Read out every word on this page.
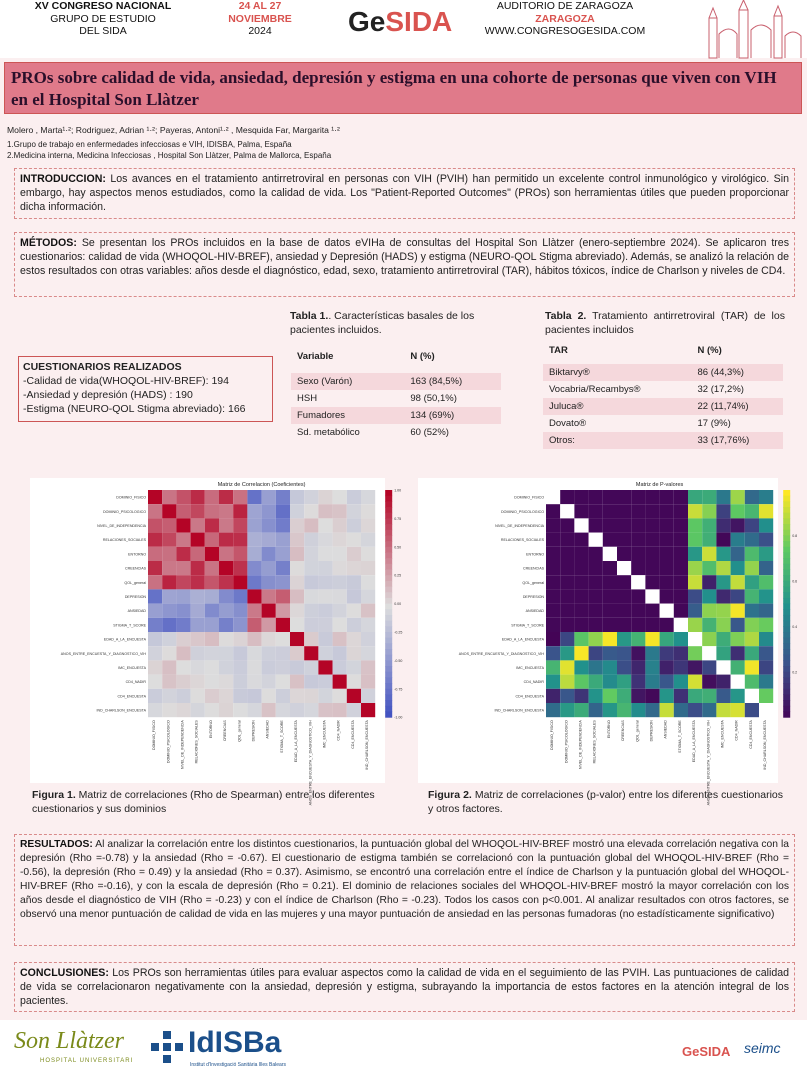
XV CONGRESO NACIONAL
GRUPO DE ESTUDIO
DEL SIDA
24 AL 27
NOVIEMBRE
2024	GeSIDA	AUDITORIO DE ZARAGOZA
ZARAGOZA
WWW.CONGRESOGESIDA.COM
PROs sobre calidad de vida, ansiedad, depresión y estigma en una cohorte de personas que viven con VIH en el Hospital Son Llàtzer
Molero , Marta¹·²; Rodriguez, Adrian ¹·²; Payeras, Antoni¹·² , Mesquida Far, Margarita ¹·²
1.Grupo de trabajo en enfermedades infecciosas e VIH, IDISBA, Palma, España
2.Medicina interna, Medicina Infecciosas , Hospital Son Llàtzer, Palma de Mallorca, España
INTRODUCCION: Los avances en el tratamiento antirretroviral en personas con VIH (PVIH) han permitido un excelente control inmunológico y virológico. Sin embargo, hay aspectos menos estudiados, como la calidad de vida. Los "Patient-Reported Outcomes" (PROs) son herramientas útiles que pueden proporcionar dicha información.
MÉTODOS: Se presentan los PROs incluidos en la base de datos eVIHa de consultas del Hospital Son Llàtzer (enero-septiembre 2024). Se aplicaron tres cuestionarios: calidad de vida (WHOQOL-HIV-BREF), ansiedad y Depresión (HADS) y estigma (NEURO-QOL Stigma abreviado). Además, se analizó la relación de estos resultados con otras variables: años desde el diagnóstico, edad, sexo, tratamiento antirretroviral (TAR), hábitos tóxicos, índice de Charlson y niveles de CD4.
CUESTIONARIOS REALIZADOS
-Calidad de vida(WHOQOL-HIV-BREF): 194
-Ansiedad y depresión (HADS) : 190
-Estigma (NEURO-QOL Stigma abreviado): 166
Tabla 1.. Características basales de los pacientes incluidos.
Variable	N (%)

Sexo (Varón)	163 (84,5%)
HSH	98 (50,1%)
Fumadores	134 (69%)
Sd. metabólico	60 (52%)
Tabla 2. Tratamiento antirretroviral (TAR) de los pacientes incluidos
TAR	N (%)

Biktarvy®	86 (44,3%)
Vocabria/Recambys®	32 (17,2%)
Juluca®	22 (11,74%)
Dovato®	17 (9%)
Otros:	33 (17,76%)
Matriz de Correlacion (Coeficientes)
DOMINIO_FISICO
DOMINIO_FISICO
DOMINIO_PSICOLOGICO
DOMINIO_PSICOLOGICO
NIVEL_DE_INDEPENDENCIA
NIVEL_DE_INDEPENDENCIA
RELACIONES_SOCIALES
RELACIONES_SOCIALES
ENTORNO
ENTORNO
CREENCIAS
CREENCIAS
QOL_general
QOL_general
DEPRESION
DEPRESION
ANSIEDAD
ANSIEDAD
STIGMA_T_SCORE
STIGMA_T_SCORE
EDAD_A_LA_ENCUESTA
EDAD_A_LA_ENCUESTA
ANOS_ENTRE_ENCUESTA_Y_DIAGNOSTICO_VIH
ANOS_ENTRE_ENCUESTA_Y_DIAGNOSTICO_VIH
IMC_ENCUESTA
IMC_ENCUESTA
CD4_NADIR
CD4_NADIR
CD4_ENCUESTA
CD4_ENCUESTA
IND_CHARLSON_ENCUESTA
IND_CHARLSON_ENCUESTA
1.00
0.75
0.50
0.25
0.00
-0.25
-0.50
-0.75
-1.00
Figura 1. Matriz de correlaciones (Rho de Spearman) entre los diferentes cuestionarios y sus dominios
Matriz de P-valores
DOMINIO_FISICO
DOMINIO_FISICO
DOMINIO_PSICOLOGICO
DOMINIO_PSICOLOGICO
NIVEL_DE_INDEPENDENCIA
NIVEL_DE_INDEPENDENCIA
RELACIONES_SOCIALES
RELACIONES_SOCIALES
ENTORNO
ENTORNO
CREENCIAS
CREENCIAS
QOL_general
QOL_general
DEPRESION
DEPRESION
ANSIEDAD
ANSIEDAD
STIGMA_T_SCORE
STIGMA_T_SCORE
EDAD_A_LA_ENCUESTA
EDAD_A_LA_ENCUESTA
ANOS_ENTRE_ENCUESTA_Y_DIAGNOSTICO_VIH
ANOS_ENTRE_ENCUESTA_Y_DIAGNOSTICO_VIH
IMC_ENCUESTA
IMC_ENCUESTA
CD4_NADIR
CD4_NADIR
CD4_ENCUESTA
CD4_ENCUESTA
IND_CHARLSON_ENCUESTA
IND_CHARLSON_ENCUESTA
0.8
0.6
0.4
0.2
Figura 2. Matriz de correlaciones (p-valor) entre los diferentes cuestionarios y otros factores.
RESULTADOS: Al analizar la correlación entre los distintos cuestionarios, la puntuación global del WHOQOL-HIV-BREF mostró una elevada correlación negativa con la depresión (Rho =-0.78) y la ansiedad (Rho = -0.67). El cuestionario de estigma también se correlacionó con la puntuación global del WHOQOL-HIV-BREF (Rho = -0.56), la depresión (Rho = 0.49) y la ansiedad (Rho = 0.37). Asimismo, se encontró una correlación entre el índice de Charlson y la puntuación global del WHOQOL-HIV-BREF (Rho =-0.16), y con la escala de depresión (Rho = 0.21). El dominio de relaciones sociales del WHOQOL-HIV-BREF mostró la mayor correlación con los años desde el diagnóstico de VIH (Rho = -0.23) y con el índice de Charlson (Rho = -0.23). Todos los casos con p<0.001. Al analizar resultados con otros factores, se observó una menor puntuación de calidad de vida en las mujeres y una mayor puntuación de ansiedad en las personas fumadoras (no estadísticamente significativo)
CONCLUSIONES: Los PROs son herramientas útiles para evaluar aspectos como la calidad de vida en el seguimiento de las PVIH. Las puntuaciones de calidad de vida se correlacionaron negativamente con la ansiedad, depresión y estigma, subrayando la importancia de estos factores en la atención integral de los pacientes.
Son Llàtzer
HOSPITAL UNIVERSITARI
IdISBa
Institut d'Investigació Sanitària Illes Balears
GeSIDA seimc
